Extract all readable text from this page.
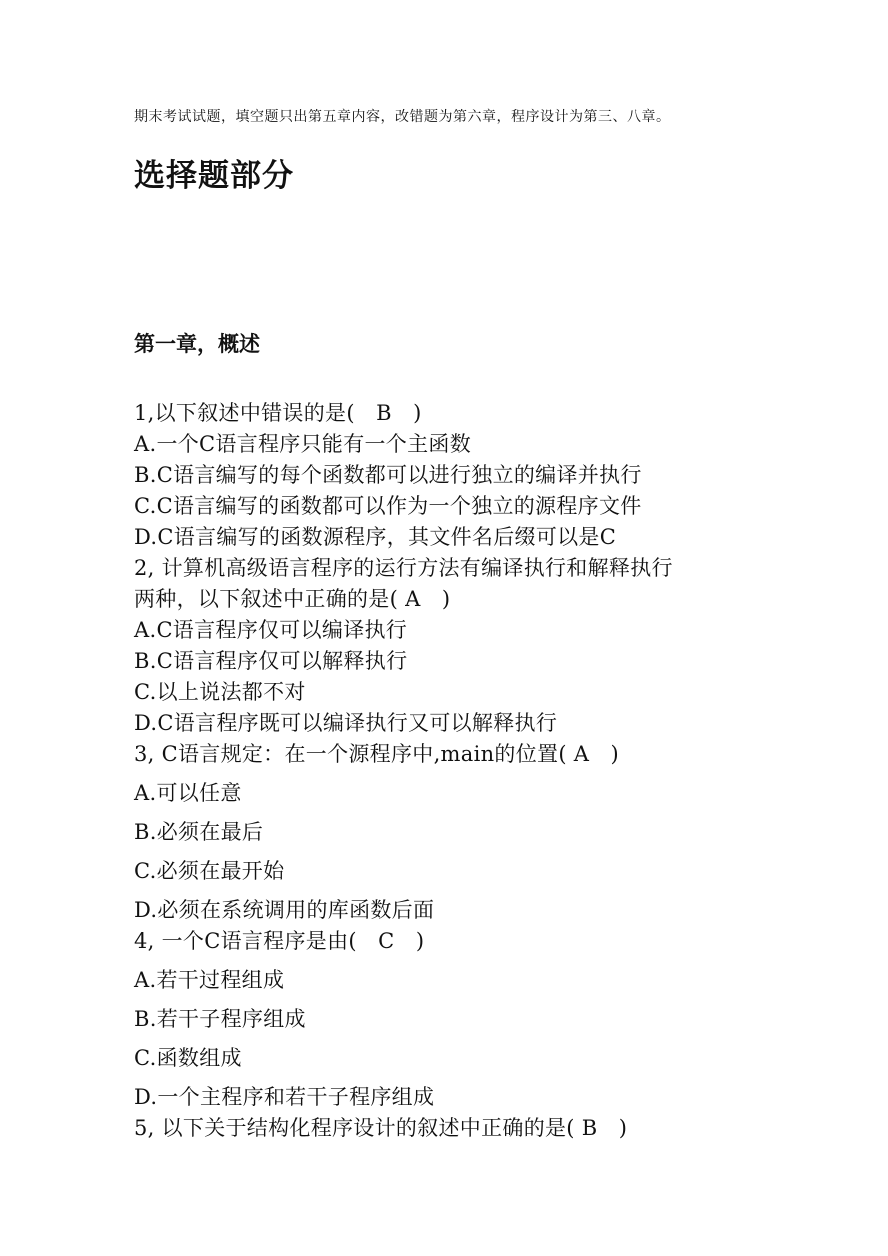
期末考试试题，填空题只出第五章内容，改错题为第六章，程序设计为第三、八章。
选择题部分
第一章，概述
1,以下叙述中错误的是(　B　)
A.一个C语言程序只能有一个主函数
B.C语言编写的每个函数都可以进行独立的编译并执行
C.C语言编写的函数都可以作为一个独立的源程序文件
D.C语言编写的函数源程序，其文件名后缀可以是C
2, 计算机高级语言程序的运行方法有编译执行和解释执行
两种，以下叙述中正确的是( A　)
A.C语言程序仅可以编译执行
B.C语言程序仅可以解释执行
C.以上说法都不对
D.C语言程序既可以编译执行又可以解释执行
3, C语言规定：在一个源程序中,main的位置( A　)
A.可以任意
B.必须在最后
C.必须在最开始
D.必须在系统调用的库函数后面
4, 一个C语言程序是由(　C　)
A.若干过程组成
B.若干子程序组成
C.函数组成
D.一个主程序和若干子程序组成
5, 以下关于结构化程序设计的叙述中正确的是( B　)
